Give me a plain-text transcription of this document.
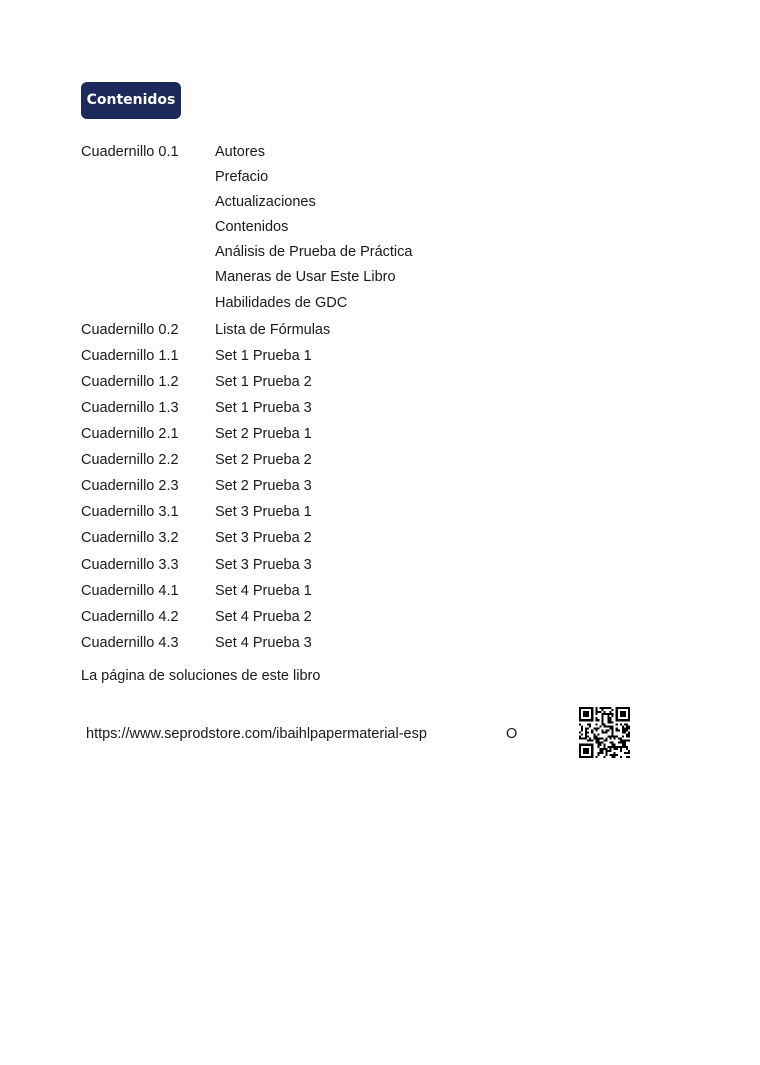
Contenidos
Cuadernillo 0.1	Autores
Prefacio
Actualizaciones
Contenidos
Análisis de Prueba de Práctica
Maneras de Usar Este Libro
Habilidades de GDC
Cuadernillo 0.2	Lista de Fórmulas
Cuadernillo 1.1	Set 1 Prueba 1
Cuadernillo 1.2	Set 1 Prueba 2
Cuadernillo 1.3	Set 1 Prueba 3
Cuadernillo 2.1	Set 2 Prueba 1
Cuadernillo 2.2	Set 2 Prueba 2
Cuadernillo 2.3	Set 2 Prueba 3
Cuadernillo 3.1	Set 3 Prueba 1
Cuadernillo 3.2	Set 3 Prueba 2
Cuadernillo 3.3	Set 3 Prueba 3
Cuadernillo 4.1	Set 4 Prueba 1
Cuadernillo 4.2	Set 4 Prueba 2
Cuadernillo 4.3	Set 4 Prueba 3
La página de soluciones de este libro
https://www.seprodstore.com/ibaihlpapermaterial-esp	O
